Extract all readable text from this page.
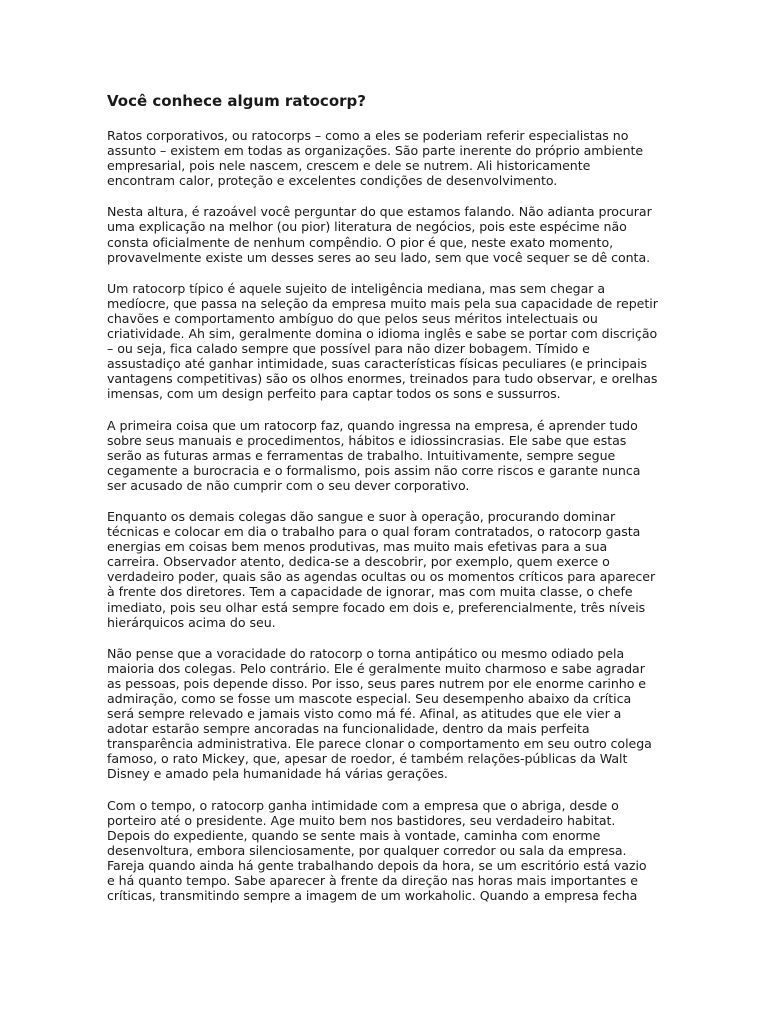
Você conhece algum ratocorp?

Ratos corporativos, ou ratocorps – como a eles se poderiam referir especialistas no
assunto – existem em todas as organizações. São parte inerente do próprio ambiente
empresarial, pois nele nascem, crescem e dele se nutrem. Ali historicamente
encontram calor, proteção e excelentes condições de desenvolvimento.

Nesta altura, é razoável você perguntar do que estamos falando. Não adianta procurar
uma explicação na melhor (ou pior) literatura de negócios, pois este espécime não
consta oficialmente de nenhum compêndio. O pior é que, neste exato momento,
provavelmente existe um desses seres ao seu lado, sem que você sequer se dê conta.

Um ratocorp típico é aquele sujeito de inteligência mediana, mas sem chegar a
medíocre, que passa na seleção da empresa muito mais pela sua capacidade de repetir
chavões e comportamento ambíguo do que pelos seus méritos intelectuais ou
criatividade. Ah sim, geralmente domina o idioma inglês e sabe se portar com discrição
– ou seja, fica calado sempre que possível para não dizer bobagem. Tímido e
assustadiço até ganhar intimidade, suas características físicas peculiares (e principais
vantagens competitivas) são os olhos enormes, treinados para tudo observar, e orelhas
imensas, com um design perfeito para captar todos os sons e sussurros.

A primeira coisa que um ratocorp faz, quando ingressa na empresa, é aprender tudo
sobre seus manuais e procedimentos, hábitos e idiossincrasias. Ele sabe que estas
serão as futuras armas e ferramentas de trabalho. Intuitivamente, sempre segue
cegamente a burocracia e o formalismo, pois assim não corre riscos e garante nunca
ser acusado de não cumprir com o seu dever corporativo.

Enquanto os demais colegas dão sangue e suor à operação, procurando dominar
técnicas e colocar em dia o trabalho para o qual foram contratados, o ratocorp gasta
energias em coisas bem menos produtivas, mas muito mais efetivas para a sua
carreira. Observador atento, dedica-se a descobrir, por exemplo, quem exerce o
verdadeiro poder, quais são as agendas ocultas ou os momentos críticos para aparecer
à frente dos diretores. Tem a capacidade de ignorar, mas com muita classe, o chefe
imediato, pois seu olhar está sempre focado em dois e, preferencialmente, três níveis
hierárquicos acima do seu.

Não pense que a voracidade do ratocorp o torna antipático ou mesmo odiado pela
maioria dos colegas. Pelo contrário. Ele é geralmente muito charmoso e sabe agradar
as pessoas, pois depende disso. Por isso, seus pares nutrem por ele enorme carinho e
admiração, como se fosse um mascote especial. Seu desempenho abaixo da crítica
será sempre relevado e jamais visto como má fé. Afinal, as atitudes que ele vier a
adotar estarão sempre ancoradas na funcionalidade, dentro da mais perfeita
transparência administrativa. Ele parece clonar o comportamento em seu outro colega
famoso, o rato Mickey, que, apesar de roedor, é também relações-públicas da Walt
Disney e amado pela humanidade há várias gerações.

Com o tempo, o ratocorp ganha intimidade com a empresa que o abriga, desde o
porteiro até o presidente. Age muito bem nos bastidores, seu verdadeiro habitat.
Depois do expediente, quando se sente mais à vontade, caminha com enorme
desenvoltura, embora silenciosamente, por qualquer corredor ou sala da empresa.
Fareja quando ainda há gente trabalhando depois da hora, se um escritório está vazio
e há quanto tempo. Sabe aparecer à frente da direção nas horas mais importantes e
críticas, transmitindo sempre a imagem de um workaholic. Quando a empresa fecha
